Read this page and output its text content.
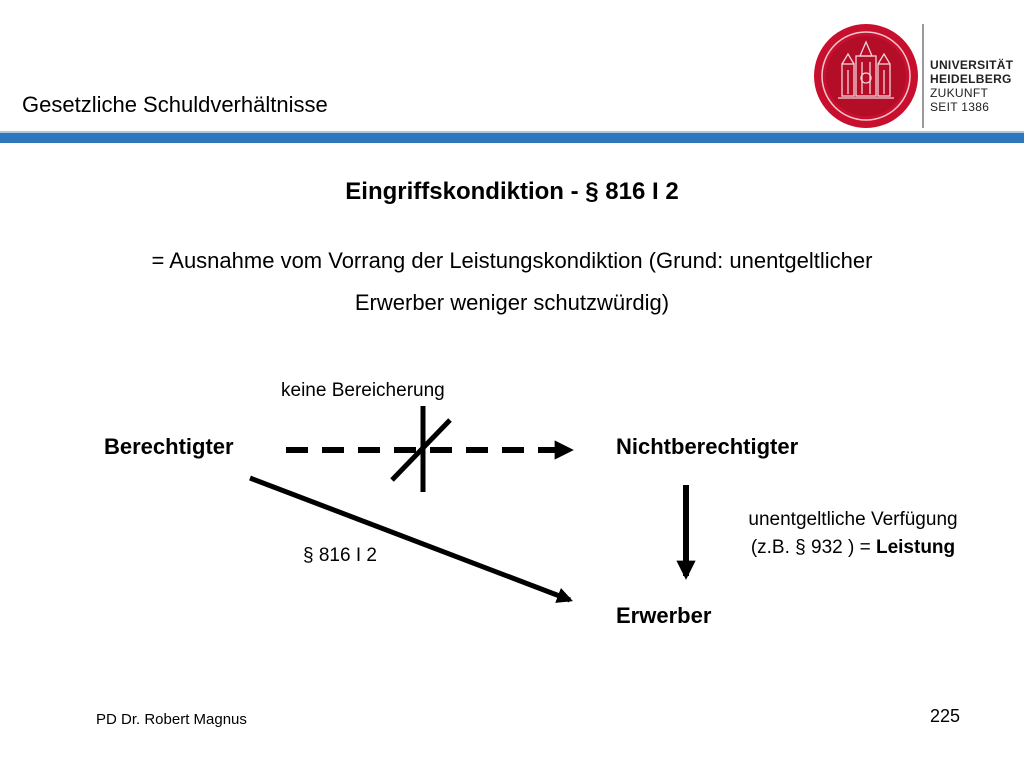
Gesetzliche Schuldverhältnisse
UNIVERSITÄT
HEIDELBERG
ZUKUNFT
SEIT 1386
Eingriffskondiktion - § 816 I 2
= Ausnahme vom Vorrang der Leistungskondiktion (Grund: unentgeltlicher
Erwerber weniger schutzwürdig)
Berechtigter	Nichtberechtigter
Erwerber
keine Bereicherung
§ 816 I 2
unentgeltliche Verfügung
(z.B. § 932 ) = Leistung
PD Dr. Robert Magnus	225
